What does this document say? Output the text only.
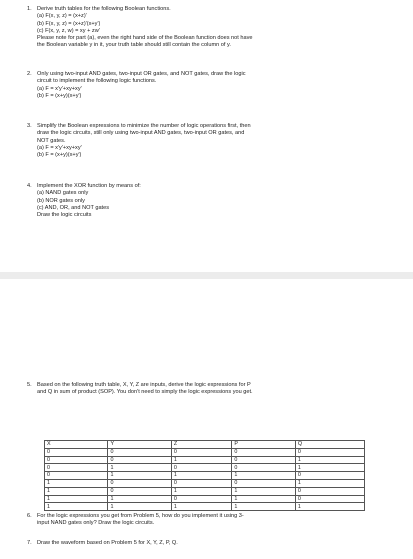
1. Derive truth tables for the following Boolean functions.
(a) F(x, y, z) = (x+z)'
(b) F(x, y, z) = (x+z)'(x+y')
(c) F(x, y, z, w) = xy + zw'
Please note for part (a), even the right hand side of the Boolean function does not have
the Boolean variable y in it, your truth table should still contain the column of y.
2. Only using two-input AND gates, two-input OR gates, and NOT gates, draw the logic
circuit to implement the following logic functions.
(a) F = x'y'+xy+xy'
(b) F = (x+y)(x+y')
3. Simplify the Boolean expressions to minimize the number of logic operations first, then
draw the logic circuits, still only using two-input AND gates, two-input OR gates, and
NOT gates.
(a) F = x'y'+xy+xy'
(b) F = (x+y)(x+y')
4. Implement the XOR function by means of:
(a) NAND gates only
(b) NOR gates only
(c) AND, OR, and NOT gates
Draw the logic circuits
5. Based on the following truth table, X, Y, Z are inputs, derive the logic expressions for P
and Q in sum of product (SOP). You don't need to simply the logic expressions you get.
X	Y	Z	P	Q
0	0	0	0	0
0	0	1	0	1
0	1	0	0	1
0	1	1	1	0
1	0	0	0	1
1	0	1	1	0
1	1	0	1	0
1	1	1	1	1
6. For the logic expressions you get from Problem 5, how do you implement it using 3-
input NAND gates only? Draw the logic circuits.
7. Draw the waveform based on Problem 5 for X, Y, Z, P, Q.
